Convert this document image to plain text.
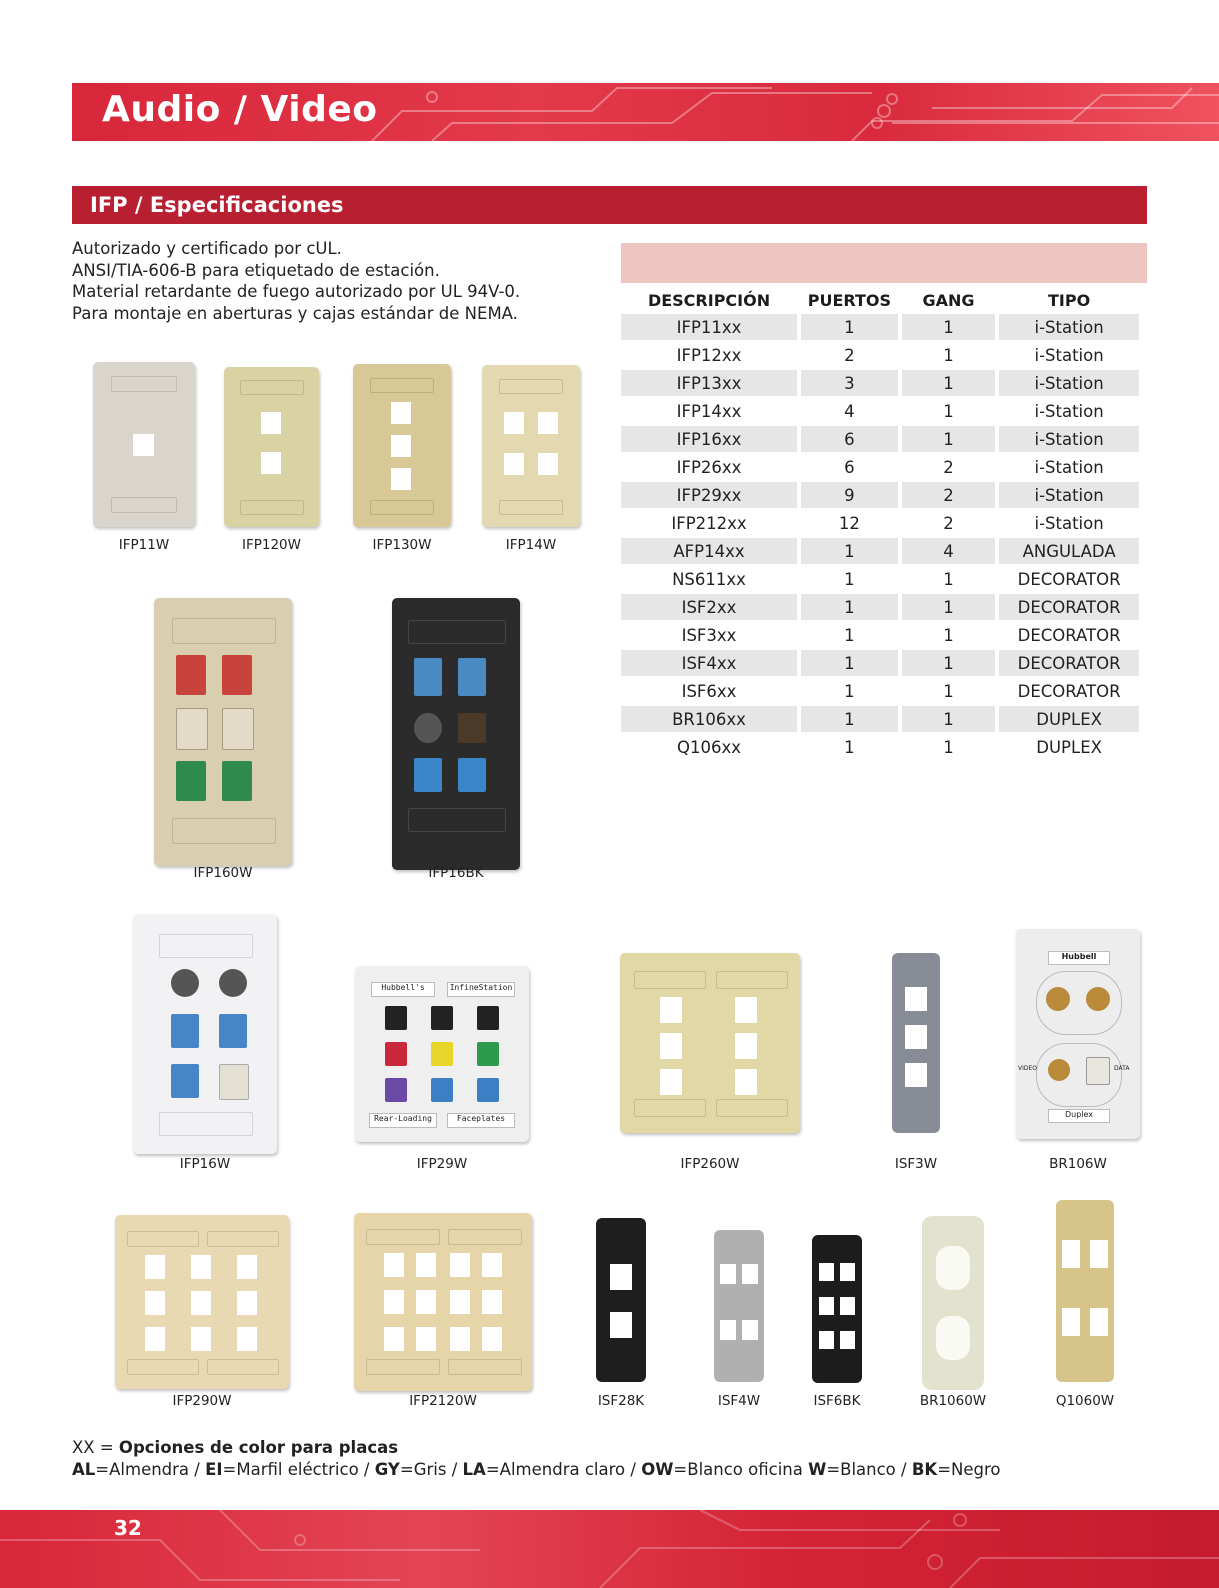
Audio / Video
IFP / Especificaciones
Autorizado y certificado por cUL.
ANSI/TIA-606-B para etiquetado de estación.
Material retardante de fuego autorizado por UL 94V-0.
Para montaje en aberturas y cajas estándar de NEMA.
DESCRIPCIÓN	PUERTOS	GANG	TIPO
IFP11xx	1	1	i-Station
IFP12xx	2	1	i-Station
IFP13xx	3	1	i-Station
IFP14xx	4	1	i-Station
IFP16xx	6	1	i-Station
IFP26xx	6	2	i-Station
IFP29xx	9	2	i-Station
IFP212xx	12	2	i-Station
AFP14xx	1	4	ANGULADA
NS611xx	1	1	DECORATOR
ISF2xx	1	1	DECORATOR
ISF3xx	1	1	DECORATOR
ISF4xx	1	1	DECORATOR
ISF6xx	1	1	DECORATOR
BR106xx	1	1	DUPLEX
Q106xx	1	1	DUPLEX
IFP11W	IFP120W	IFP130W	IFP14W
IFP160W	IFP16BK
IFP16W
Hubbell's	InfineStation
Rear-Loading	Faceplates
IFP29W	IFP260W	ISF3W
Hubbell
VIDEO	DATA
Duplex
BR106W
IFP290W	IFP2120W	ISF28K	ISF4W	ISF6BK	BR1060W	Q1060W
XX = Opciones de color para placas
AL=Almendra / EI=Marfil eléctrico / GY=Gris / LA=Almendra claro / OW=Blanco oficina W=Blanco / BK=Negro
32
